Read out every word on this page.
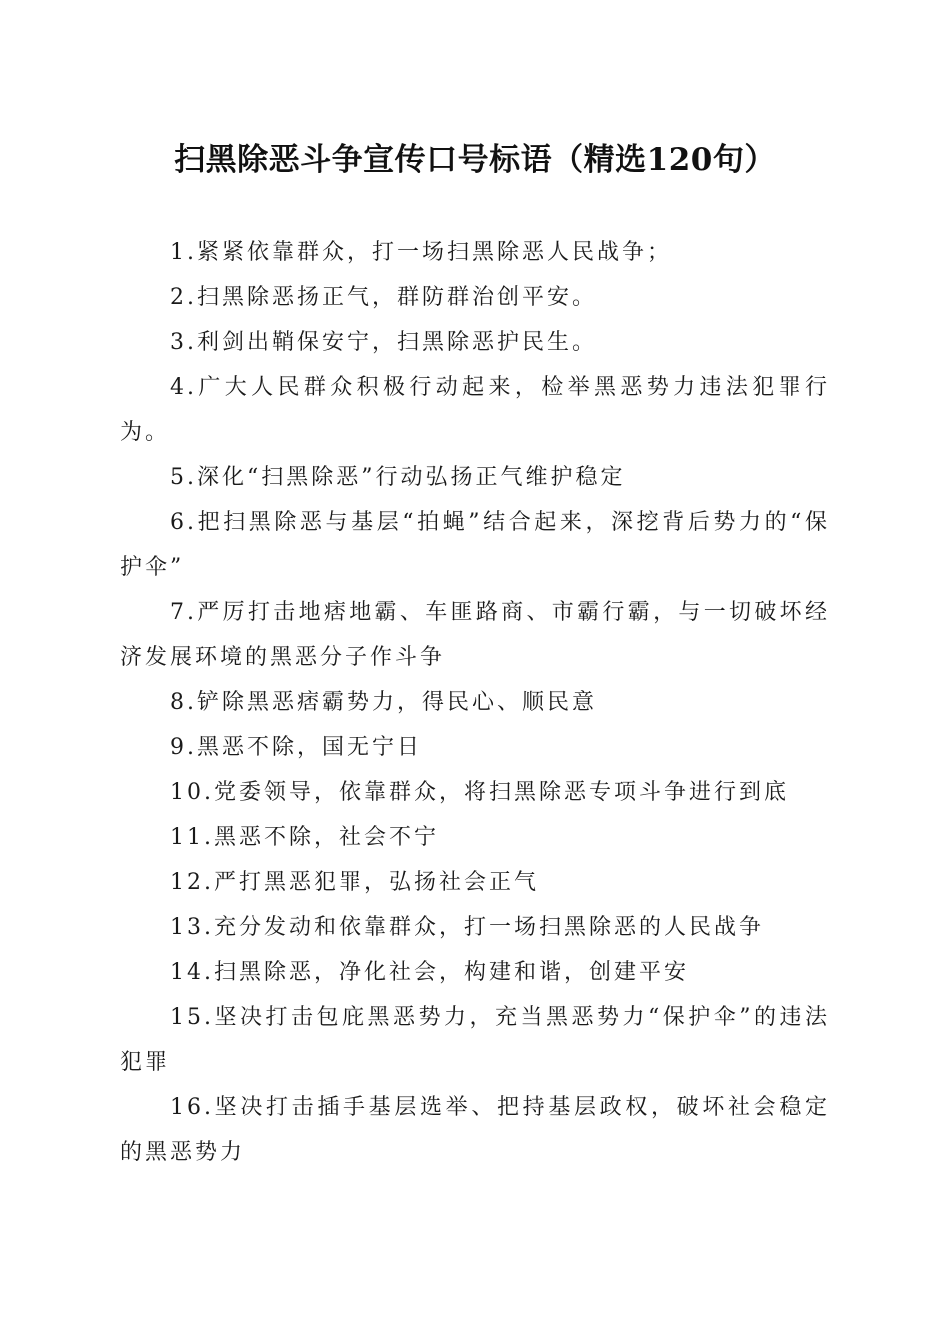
扫黑除恶斗争宣传口号标语（精选120句）

1.紧紧依靠群众，打一场扫黑除恶人民战争；

2.扫黑除恶扬正气，群防群治创平安。

3.利剑出鞘保安宁，扫黑除恶护民生。

4.广大人民群众积极行动起来，检举黑恶势力违法犯罪行为。

5.深化“扫黑除恶”行动弘扬正气维护稳定

6.把扫黑除恶与基层“拍蝇”结合起来，深挖背后势力的“保护伞”

7.严厉打击地痞地霸、车匪路商、市霸行霸，与一切破坏经济发展环境的黑恶分子作斗争

8.铲除黑恶痞霸势力，得民心、顺民意

9.黑恶不除，国无宁日

10.党委领导，依靠群众，将扫黑除恶专项斗争进行到底

11.黑恶不除，社会不宁

12.严打黑恶犯罪，弘扬社会正气

13.充分发动和依靠群众，打一场扫黑除恶的人民战争

14.扫黑除恶，净化社会，构建和谐，创建平安

15.坚决打击包庇黑恶势力，充当黑恶势力“保护伞”的违法犯罪

16.坚决打击插手基层选举、把持基层政权，破坏社会稳定的黑恶势力
